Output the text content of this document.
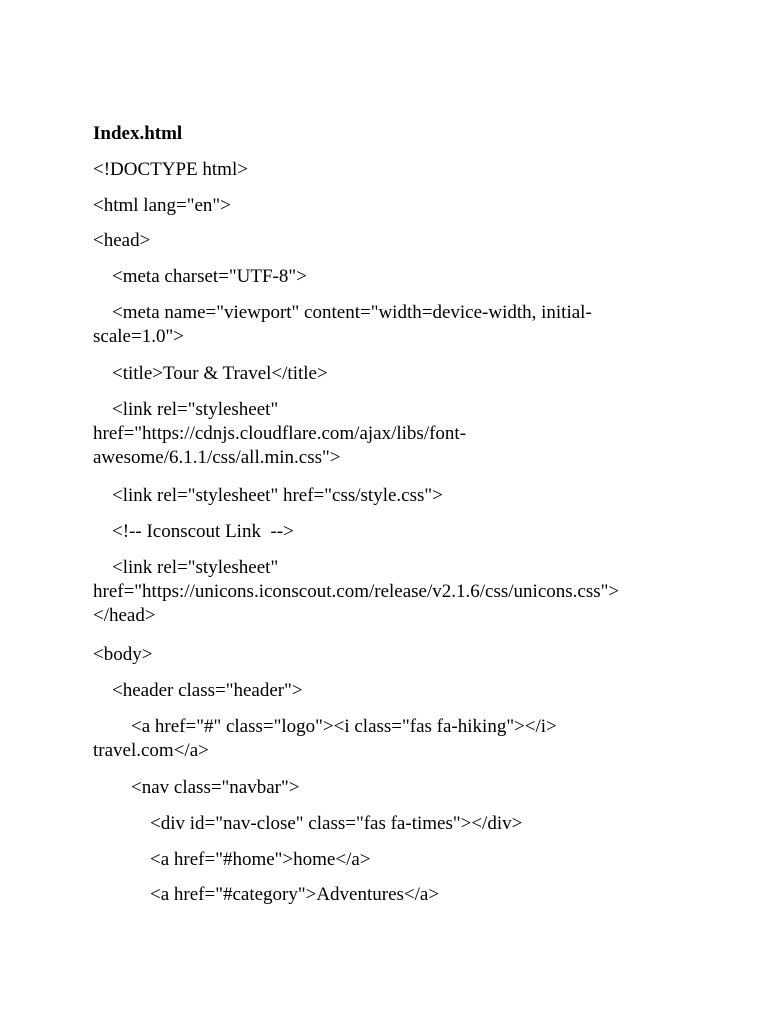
Index.html

<!DOCTYPE html>

<html lang="en">

<head>

<meta charset="UTF-8">

<meta name="viewport" content="width=device-width, initial-
scale=1.0">

<title>Tour & Travel</title>

<link rel="stylesheet"
href="https://cdnjs.cloudflare.com/ajax/libs/font-
awesome/6.1.1/css/all.min.css">

<link rel="stylesheet" href="css/style.css">

<!-- Iconscout Link  -->

<link rel="stylesheet"
href="https://unicons.iconscout.com/release/v2.1.6/css/unicons.css">
</head>

<body>

<header class="header">

<a href="#" class="logo"><i class="fas fa-hiking"></i>
travel.com</a>

<nav class="navbar">

<div id="nav-close" class="fas fa-times"></div>

<a href="#home">home</a>

<a href="#category">Adventures</a>
